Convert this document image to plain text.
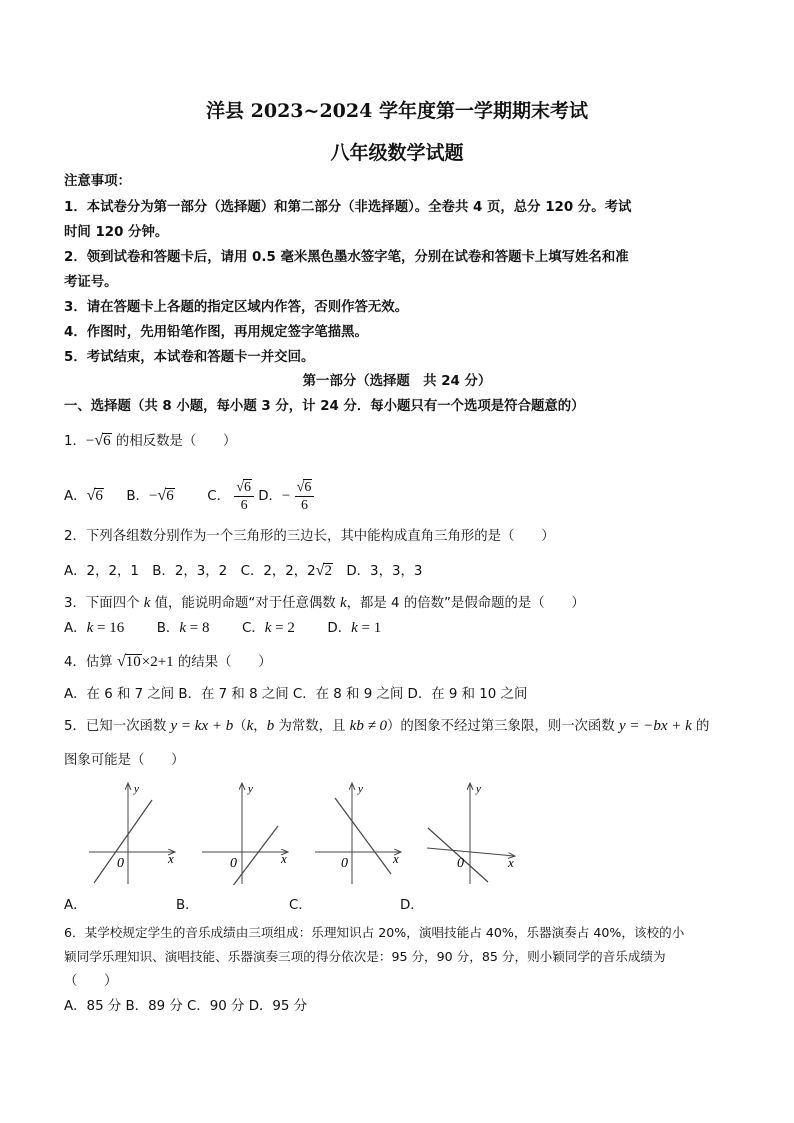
洋县 2023~2024 学年度第一学期期末考试
八年级数学试题
注意事项：
1．本试卷分为第一部分（选择题）和第二部分（非选择题）。全卷共 4 页，总分 120 分。考试
时间 120 分钟。
2．领到试卷和答题卡后，请用 0.5 毫米黑色墨水签字笔，分别在试卷和答题卡上填写姓名和准
考证号。
3．请在答题卡上各题的指定区域内作答，否则作答无效。
4．作图时，先用铅笔作图，再用规定签字笔描黑。
5．考试结束，本试卷和答题卡一并交回。
第一部分（选择题　共 24 分）
一、选择题（共 8 小题，每小题 3 分，计 24 分．每小题只有一个选项是符合题意的）
1．−√6 的相反数是（　　）
A．√6 B．−√6	C． $\frac{√6}{6}$ D．− $\frac{√6}{6}$
2．下列各组数分别作为一个三角形的三边长，其中能构成直角三角形的是（　　）
A．2，2，1　B．2，3，2　C．2，2，2√2　D．3，3，3
3．下面四个 k 值，能说明命题“对于任意偶数 k，都是 4 的倍数”是假命题的是（　　）
A．k = 16 B．k = 8 C．k = 2 D．k = 1
4．估算 √10×2+1 的结果（　　）
A．在 6 和 7 之间 B．在 7 和 8 之间 C．在 8 和 9 之间 D．在 9 和 10 之间
5．已知一次函数 y = kx + b（k，b 为常数，且 kb ≠ 0）的图象不经过第三象限，则一次函数 y = −bx + k 的
图象可能是（　　）
y
x
0
y
x
0
y
x
0
y
x
0
A．	B．	C．	D．
6．某学校规定学生的音乐成绩由三项组成：乐理知识占 20%，演唱技能占 40%，乐器演奏占 40%，该校的小
颖同学乐理知识、演唱技能、乐器演奏三项的得分依次是：95 分，90 分，85 分，则小颖同学的音乐成绩为
（　　）
A．85 分 B．89 分 C．90 分 D．95 分
